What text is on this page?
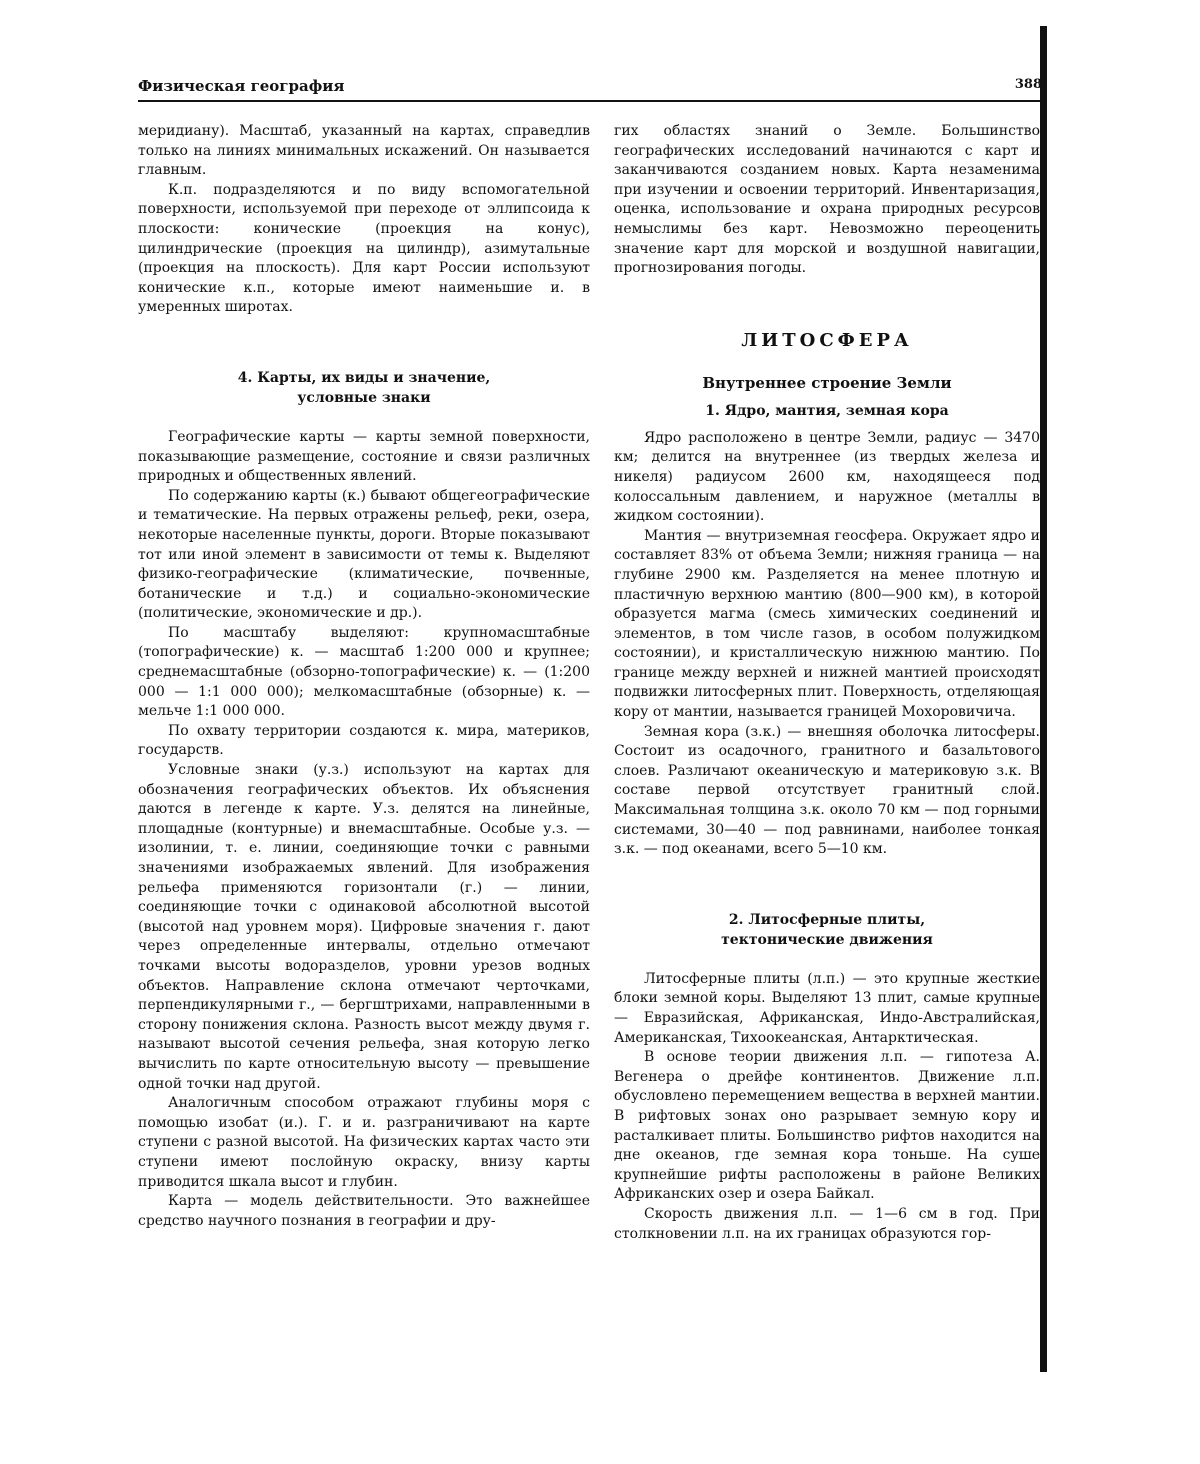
Физическая география	388

меридиану). Масштаб, указанный на картах, справедлив только на линиях минимальных искажений. Он называется главным.

К.п. подразделяются и по виду вспомогательной поверхности, используемой при переходе от эллипсоида к плоскости: конические (проекция на конус), цилиндрические (проекция на цилиндр), азимутальные (проекция на плоскость). Для карт России используют конические к.п., которые имеют наименьшие и. в умеренных широтах.

4. Карты, их виды и значение,
условные знаки

Географические карты — карты земной поверхности, показывающие размещение, состояние и связи различных природных и общественных явлений.

По содержанию карты (к.) бывают общегеографические и тематические. На первых отражены рельеф, реки, озера, некоторые населенные пункты, дороги. Вторые показывают тот или иной элемент в зависимости от темы к. Выделяют физико-географические (климатические, почвенные, ботанические и т.д.) и социально-экономические (политические, экономические и др.).

По масштабу выделяют: крупномасштабные (топографические) к. — масштаб 1:200 000 и крупнее; среднемасштабные (обзорно-топографические) к. — (1:200 000 — 1:1 000 000); мелкомасштабные (обзорные) к. — мельче 1:1 000 000.

По охвату территории создаются к. мира, материков, государств.

Условные знаки (у.з.) используют на картах для обозначения географических объектов. Их объяснения даются в легенде к карте. У.з. делятся на линейные, площадные (контурные) и внемасштабные. Особые у.з. — изолинии, т. е. линии, соединяющие точки с равными значениями изображаемых явлений. Для изображения рельефа применяются горизонтали (г.) — линии, соединяющие точки с одинаковой абсолютной высотой (высотой над уровнем моря). Цифровые значения г. дают через определенные интервалы, отдельно отмечают точками высоты водоразделов, уровни урезов водных объектов. Направление склона отмечают черточками, перпендикулярными г., — бергштрихами, направленными в сторону понижения склона. Разность высот между двумя г. называют высотой сечения рельефа, зная которую легко вычислить по карте относительную высоту — превышение одной точки над другой.

Аналогичным способом отражают глубины моря с помощью изобат (и.). Г. и и. разграничивают на карте ступени с разной высотой. На физических картах часто эти ступени имеют послойную окраску, внизу карты приводится шкала высот и глубин.

Карта — модель действительности. Это важнейшее средство научного познания в географии и дру-

гих областях знаний о Земле. Большинство географических исследований начинаются с карт и заканчиваются созданием новых. Карта незаменима при изучении и освоении территорий. Инвентаризация, оценка, использование и охрана природных ресурсов немыслимы без карт. Невозможно переоценить значение карт для морской и воздушной навигации, прогнозирования погоды.

ЛИТОСФЕРА
Внутреннее строение Земли
1. Ядро, мантия, земная кора

Ядро расположено в центре Земли, радиус — 3470 км; делится на внутреннее (из твердых железа и никеля) радиусом 2600 км, находящееся под колоссальным давлением, и наружное (металлы в жидком состоянии).

Мантия — внутриземная геосфера. Окружает ядро и составляет 83% от объема Земли; нижняя граница — на глубине 2900 км. Разделяется на менее плотную и пластичную верхнюю мантию (800—900 км), в которой образуется магма (смесь химических соединений и элементов, в том числе газов, в особом полужидком состоянии), и кристаллическую нижнюю мантию. По границе между верхней и нижней мантией происходят подвижки литосферных плит. Поверхность, отделяющая кору от мантии, называется границей Мохоровичича.

Земная кора (з.к.) — внешняя оболочка литосферы. Состоит из осадочного, гранитного и базальтового слоев. Различают океаническую и материковую з.к. В составе первой отсутствует гранитный слой. Максимальная толщина з.к. около 70 км — под горными системами, 30—40 — под равнинами, наиболее тонкая з.к. — под океанами, всего 5—10 км.

2. Литосферные плиты,
тектонические движения

Литосферные плиты (л.п.) — это крупные жесткие блоки земной коры. Выделяют 13 плит, самые крупные — Евразийская, Африканская, Индо-Австралийская, Американская, Тихоокеанская, Антарктическая.

В основе теории движения л.п. — гипотеза А. Вегенера о дрейфе континентов. Движение л.п. обусловлено перемещением вещества в верхней мантии. В рифтовых зонах оно разрывает земную кору и расталкивает плиты. Большинство рифтов находится на дне океанов, где земная кора тоньше. На суше крупнейшие рифты расположены в районе Великих Африканских озер и озера Байкал.

Скорость движения л.п. — 1—6 см в год. При столкновении л.п. на их границах образуются гор-
